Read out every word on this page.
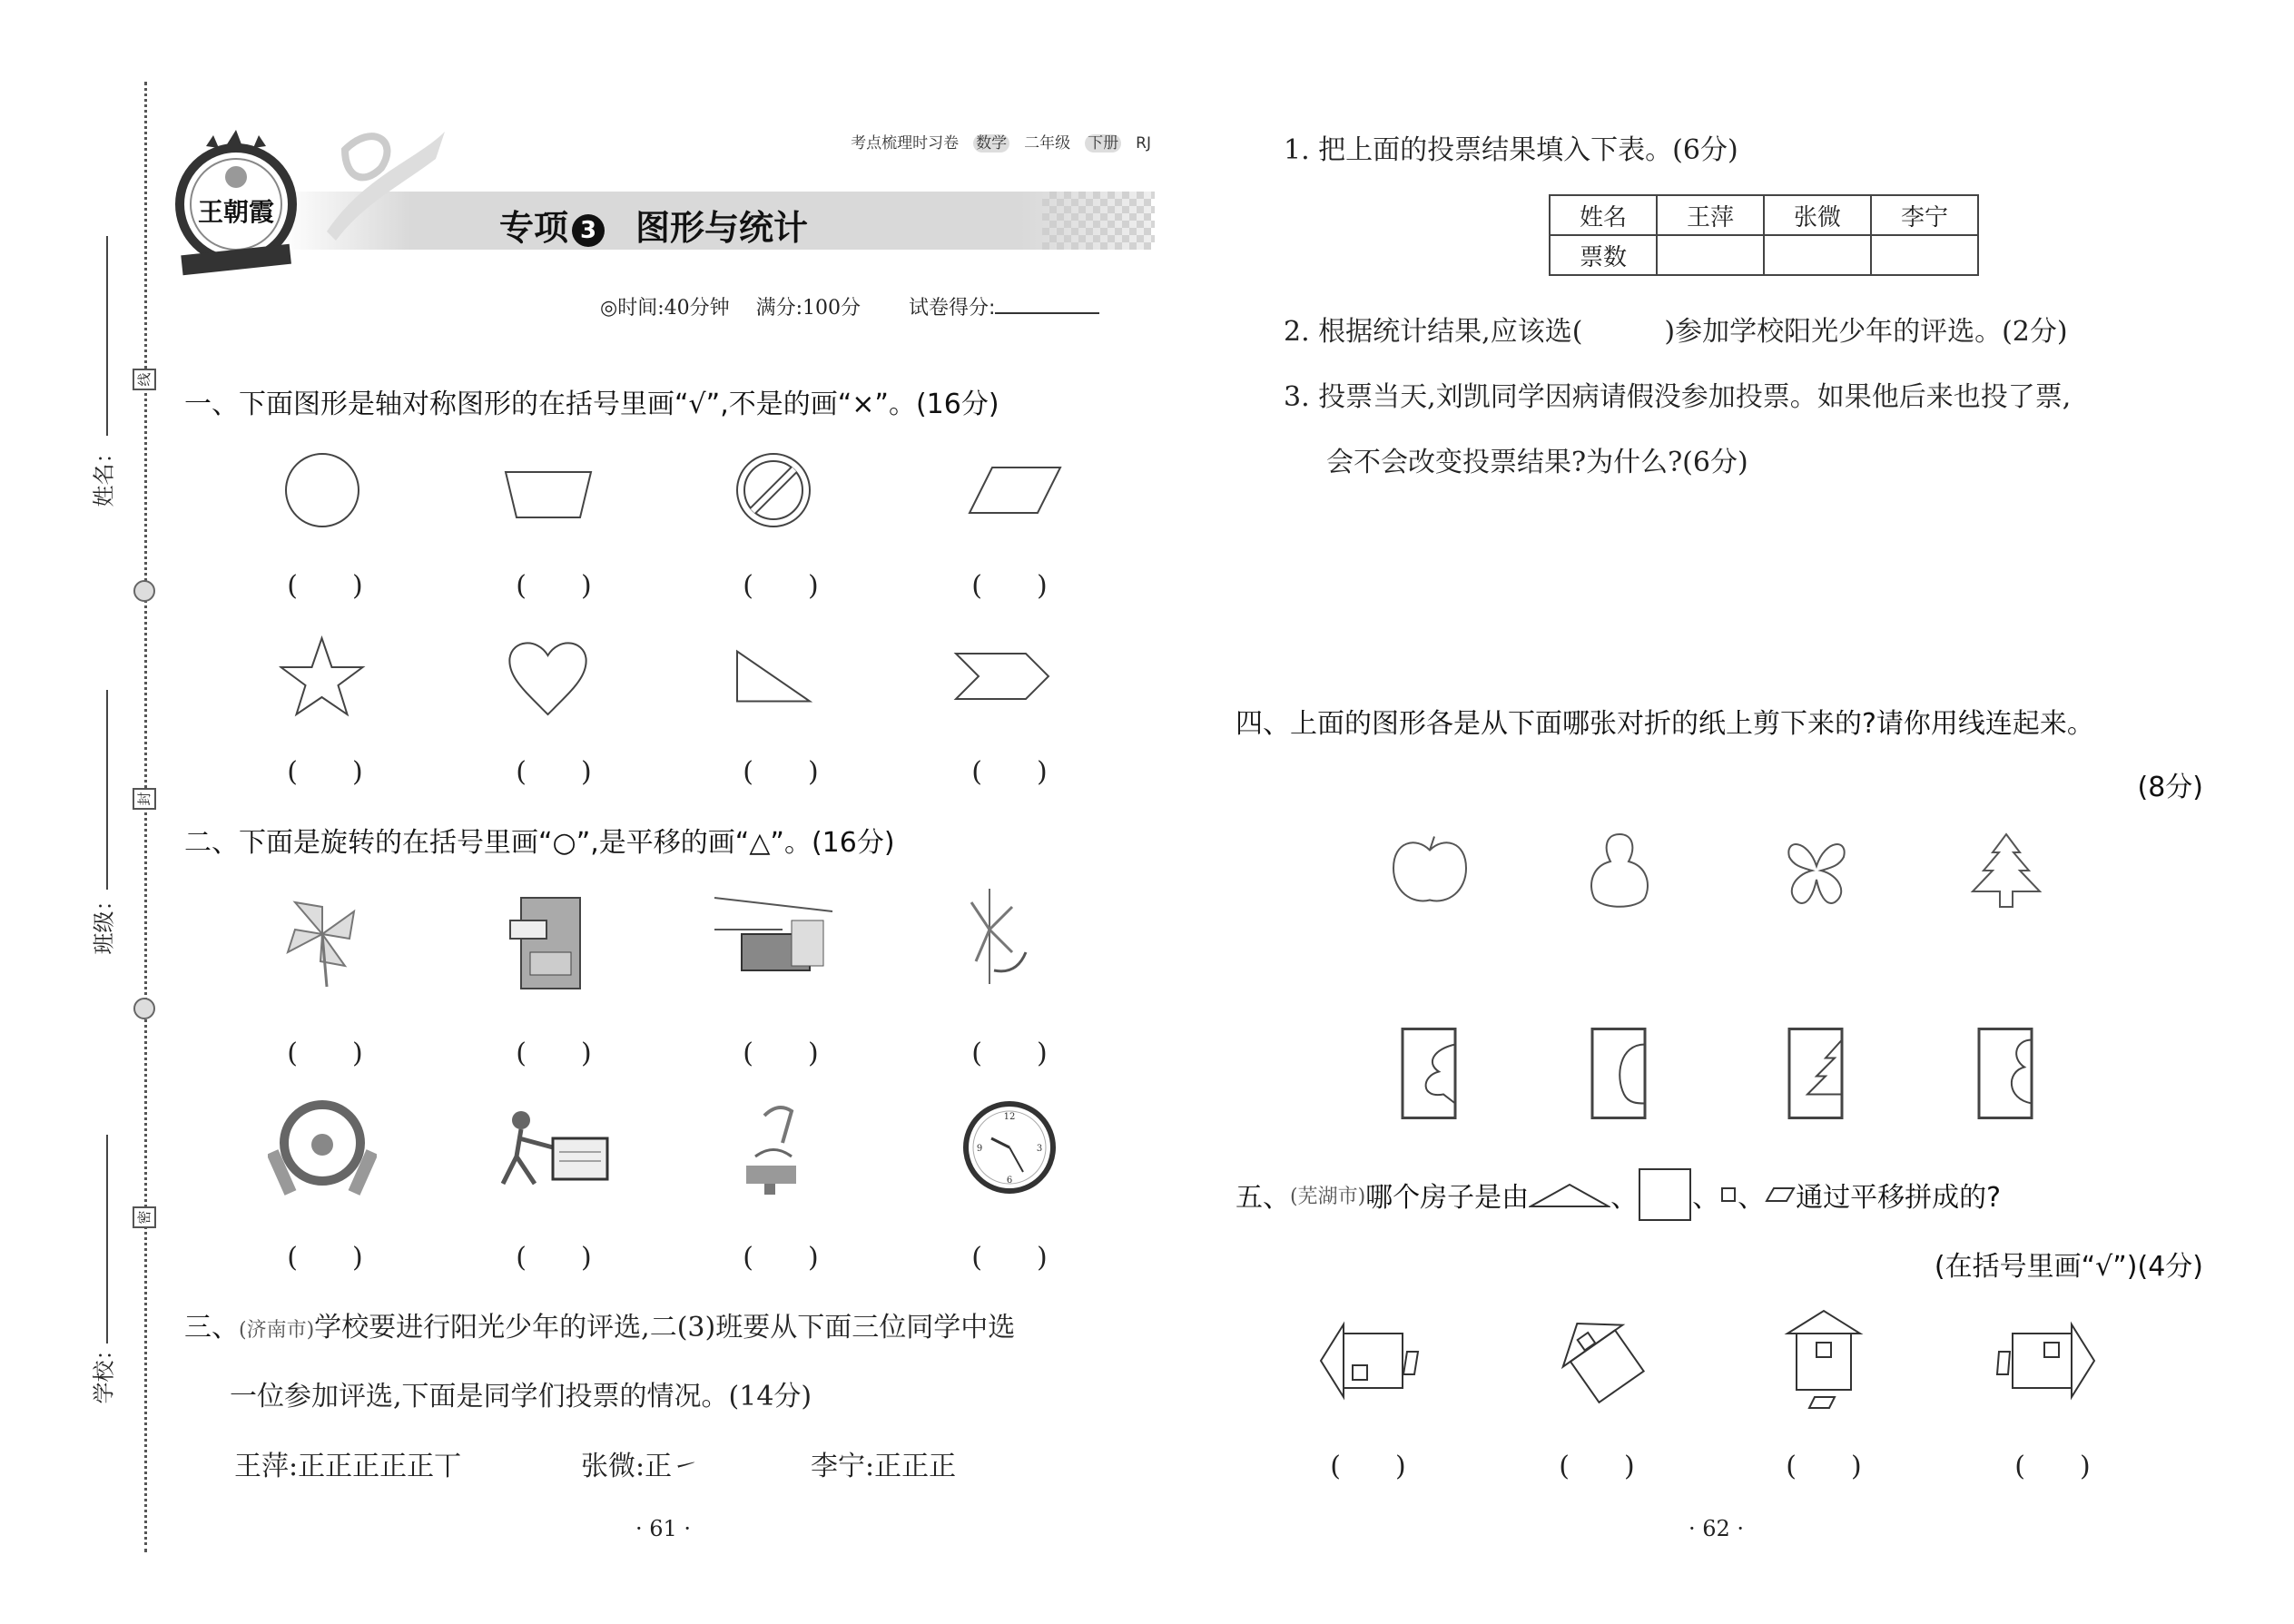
姓名：
班级：
学校：
线
封
密
王朝霞
考点梳理时习卷 数学 二年级 下册 RJ
专项 3 图形与统计
◎时间:40分钟 满分:100分 试卷得分:
一、下面图形是轴对称图形的在括号里画“√”,不是的画“×”。(16分)
(　　)	(　　)	(　　)	(　　)
(　　)	(　　)	(　　)	(　　)
二、下面是旋转的在括号里画“○”,是平移的画“△”。(16分)
12
3
6
9
(　　)	(　　)	(　　)	(　　)
(　　)	(　　)	(　　)	(　　)
三、(济南市)学校要进行阳光少年的评选,二(3)班要从下面三位同学中选
一位参加评选,下面是同学们投票的情况。(14分)
王萍:正正正正正丅	张微:正㇀	李宁:正正正
· 61 ·
1. 把上面的投票结果填入下表。(6分)
姓名	王萍	张微	李宁
票数			
2. 根据统计结果,应该选(　　　)参加学校阳光少年的评选。(2分)
3. 投票当天,刘凯同学因病请假没参加投票。如果他后来也投了票,
会不会改变投票结果?为什么?(6分)
四、上面的图形各是从下面哪张对折的纸上剪下来的?请你用线连起来。
(8分)
五、 (芜湖市) 哪个房子是由	、 、 、 通过平移拼成的?
(在括号里画“√”)(4分)
(　　)	(　　)	(　　)	(　　)
· 62 ·
